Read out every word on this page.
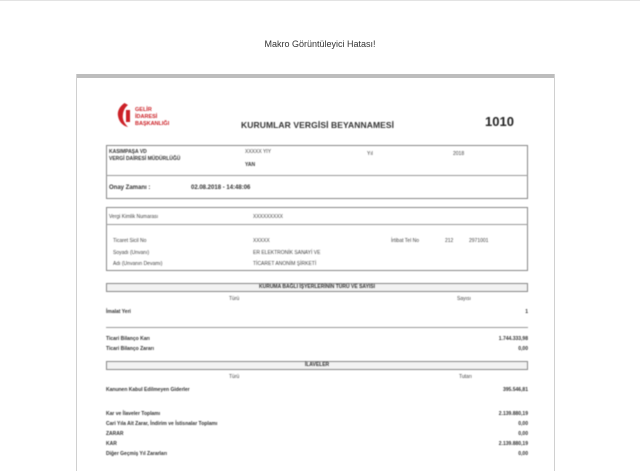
Makro Görüntüleyici Hatası!
GELİR İDARESİ BAŞKANLIĞI	KURUMLAR VERGİSİ BEYANNAMESİ	1010
KASIMPAŞA VD
VERGİ DAİRESİ MÜDÜRLÜĞÜ
XXXXX YIY
YAN
Yıl	2018
Onay Zamanı :	02.08.2018 - 14:48:06
Vergi Kimlik Numarası	XXXXXXXXX
Ticaret Sicil No	XXXXX	İrtibat Tel No	212	2971001
Soyadı (Unvanı)	ER ELEKTRONİK SANAYİ VE
Adı (Unvanın Devamı)	TİCARET ANONİM ŞİRKETİ
KURUMA BAĞLI İŞYERLERİNİN TÜRÜ VE SAYISI
Türü	Sayısı
İmalat Yeri	1
Ticari Bilanço Karı	1.744.333,98
Ticari Bilanço Zararı	0,00
İLAVELER
Türü	Tutarı
Kanunen Kabul Edilmeyen Giderler	395.546,81
Kar ve İlaveler Toplamı	2.139.880,19
Cari Yıla Ait Zarar, İndirim ve İstisnalar Toplamı	0,00
ZARAR	0,00
KAR	2.139.880,19
Diğer Geçmiş Yıl Zararları	0,00
